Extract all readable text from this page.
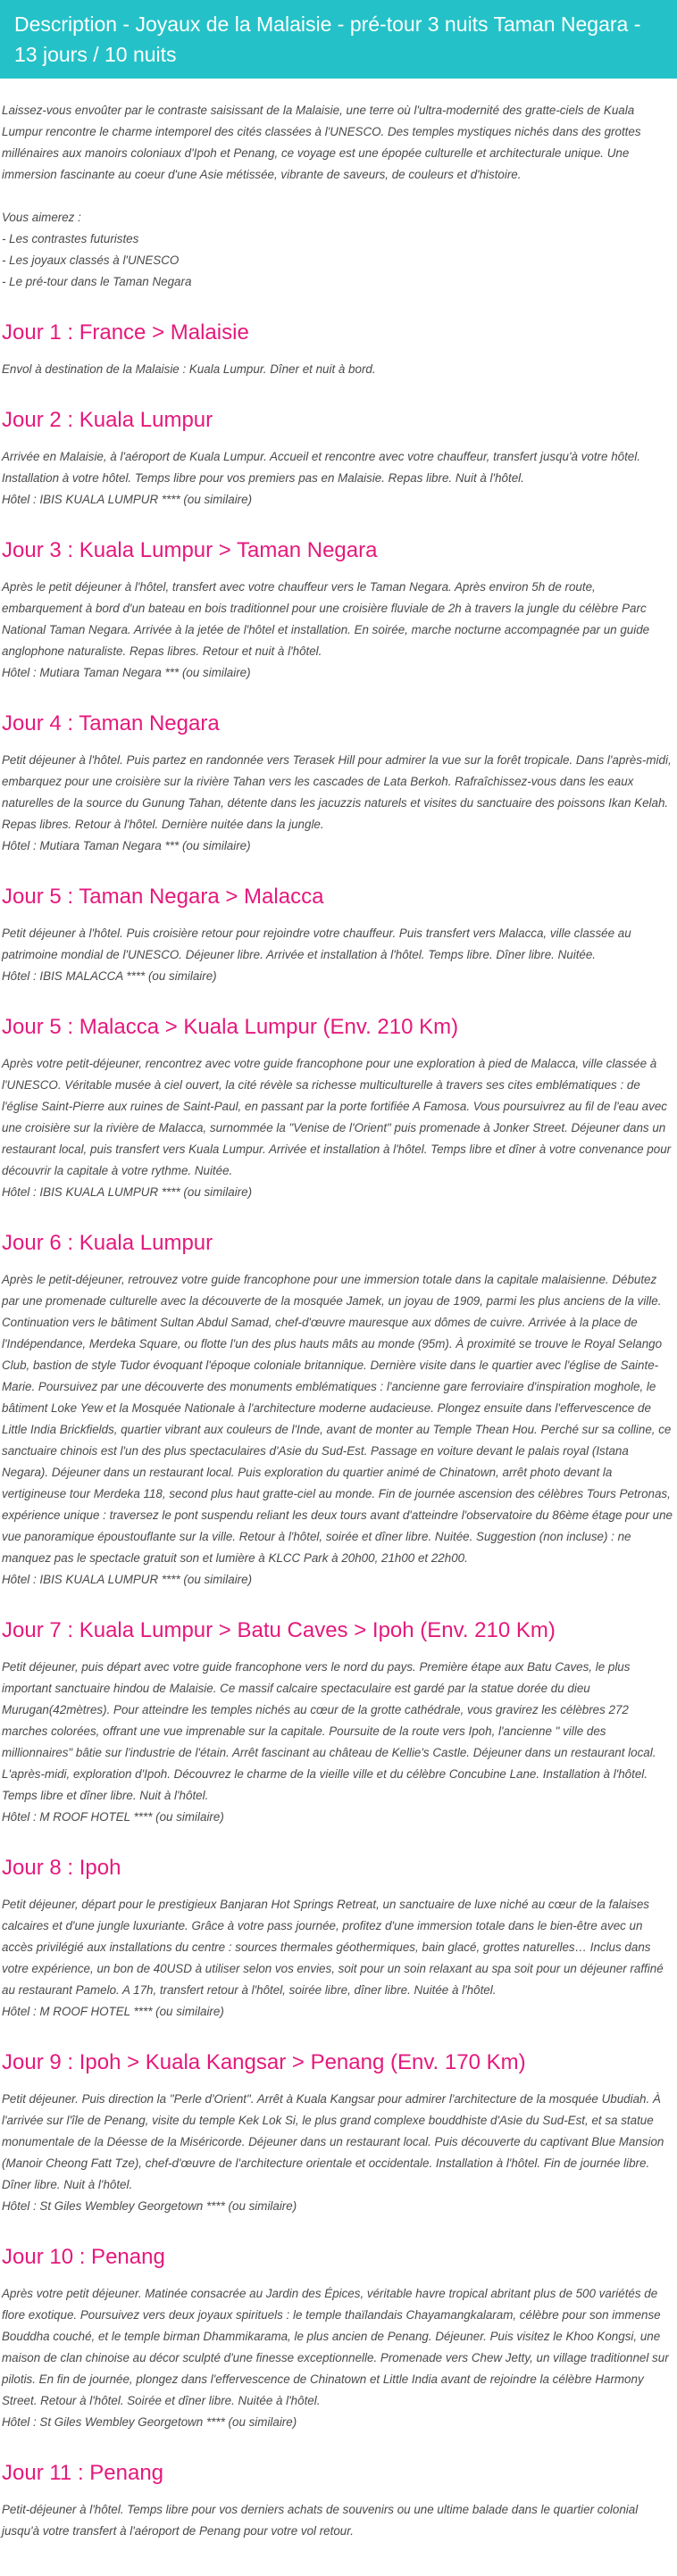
Description - Joyaux de la Malaisie - pré-tour 3 nuits Taman Negara - 13 jours / 10 nuits

Laissez-vous envoûter par le contraste saisissant de la Malaisie, une terre où l'ultra-modernité des gratte-ciels de Kuala Lumpur rencontre le charme intemporel des cités classées à l'UNESCO. Des temples mystiques nichés dans des grottes millénaires aux manoirs coloniaux d'Ipoh et Penang, ce voyage est une épopée culturelle et architecturale unique. Une immersion fascinante au coeur d'une Asie métissée, vibrante de saveurs, de couleurs et d'histoire.

Vous aimerez :
- Les contrastes futuristes
- Les joyaux classés à l'UNESCO
- Le pré-tour dans le Taman Negara
Jour 1 : France > Malaisie

Envol à destination de la Malaisie : Kuala Lumpur. Dîner et nuit à bord.

Jour 2 : Kuala Lumpur

Arrivée en Malaisie, à l'aéroport de Kuala Lumpur. Accueil et rencontre avec votre chauffeur, transfert jusqu'à votre hôtel. Installation à votre hôtel. Temps libre pour vos premiers pas en Malaisie. Repas libre. Nuit à l'hôtel.

Hôtel : IBIS KUALA LUMPUR **** (ou similaire)
Jour 3 : Kuala Lumpur > Taman Negara

Après le petit déjeuner à l'hôtel, transfert avec votre chauffeur vers le Taman Negara. Après environ 5h de route, embarquement à bord d'un bateau en bois traditionnel pour une croisière fluviale de 2h à travers la jungle du célèbre Parc National Taman Negara. Arrivée à la jetée de l'hôtel et installation. En soirée, marche nocturne accompagnée par un guide anglophone naturaliste. Repas libres. Retour et nuit à l'hôtel.

Hôtel : Mutiara Taman Negara *** (ou similaire)
Jour 4 : Taman Negara

Petit déjeuner à l'hôtel. Puis partez en randonnée vers Terasek Hill pour admirer la vue sur la forêt tropicale. Dans l'après-midi, embarquez pour une croisière sur la rivière Tahan vers les cascades de Lata Berkoh. Rafraîchissez-vous dans les eaux naturelles de la source du Gunung Tahan, détente dans les jacuzzis naturels et visites du sanctuaire des poissons Ikan Kelah. Repas libres. Retour à l'hôtel. Dernière nuitée dans la jungle.

Hôtel : Mutiara Taman Negara *** (ou similaire)
Jour 5 : Taman Negara > Malacca

Petit déjeuner à l'hôtel. Puis croisière retour pour rejoindre votre chauffeur. Puis transfert vers Malacca, ville classée au patrimoine mondial de l'UNESCO. Déjeuner libre. Arrivée et installation à l'hôtel. Temps libre. Dîner libre. Nuitée.

Hôtel : IBIS MALACCA **** (ou similaire)
Jour 5 : Malacca > Kuala Lumpur (Env. 210 Km)

Après votre petit-déjeuner, rencontrez avec votre guide francophone pour une exploration à pied de Malacca, ville classée à l'UNESCO. Véritable musée à ciel ouvert, la cité révèle sa richesse multiculturelle à travers ses cites emblématiques : de l'église Saint-Pierre aux ruines de Saint-Paul, en passant par la porte fortifiée A Famosa. Vous poursuivrez au fil de l'eau avec une croisière sur la rivière de Malacca, surnommée la "Venise de l'Orient" puis promenade à Jonker Street. Déjeuner dans un restaurant local, puis transfert vers Kuala Lumpur. Arrivée et installation à l'hôtel. Temps libre et dîner à votre convenance pour découvrir la capitale à votre rythme. Nuitée.

Hôtel : IBIS KUALA LUMPUR **** (ou similaire)
Jour 6 : Kuala Lumpur

Après le petit-déjeuner, retrouvez votre guide francophone pour une immersion totale dans la capitale malaisienne. Débutez par une promenade culturelle avec la découverte de la mosquée Jamek, un joyau de 1909, parmi les plus anciens de la ville. Continuation vers le bâtiment Sultan Abdul Samad, chef-d'œuvre mauresque aux dômes de cuivre. Arrivée à la place de l'Indépendance, Merdeka Square, ou flotte l'un des plus hauts mâts au monde (95m). À proximité se trouve le Royal Selango Club, bastion de style Tudor évoquant l'époque coloniale britannique. Dernière visite dans le quartier avec l'église de Sainte-Marie. Poursuivez par une découverte des monuments emblématiques : l'ancienne gare ferroviaire d'inspiration moghole, le bâtiment Loke Yew et la Mosquée Nationale à l'architecture moderne audacieuse. Plongez ensuite dans l'effervescence de Little India Brickfields, quartier vibrant aux couleurs de l'Inde, avant de monter au Temple Thean Hou. Perché sur sa colline, ce sanctuaire chinois est l'un des plus spectaculaires d'Asie du Sud-Est. Passage en voiture devant le palais royal (Istana Negara). Déjeuner dans un restaurant local. Puis exploration du quartier animé de Chinatown, arrêt photo devant la vertigineuse tour Merdeka 118, second plus haut gratte-ciel au monde. Fin de journée ascension des célèbres Tours Petronas, expérience unique : traversez le pont suspendu reliant les deux tours avant d'atteindre l'observatoire du 86ème étage pour une vue panoramique époustouflante sur la ville. Retour à l'hôtel, soirée et dîner libre. Nuitée. Suggestion (non incluse) : ne manquez pas le spectacle gratuit son et lumière à KLCC Park à 20h00, 21h00 et 22h00.

Hôtel : IBIS KUALA LUMPUR **** (ou similaire)
Jour 7 : Kuala Lumpur > Batu Caves > Ipoh (Env. 210 Km)

Petit déjeuner, puis départ avec votre guide francophone vers le nord du pays. Première étape aux Batu Caves, le plus important sanctuaire hindou de Malaisie. Ce massif calcaire spectaculaire est gardé par la statue dorée du dieu Murugan(42mètres). Pour atteindre les temples nichés au cœur de la grotte cathédrale, vous gravirez les célèbres 272 marches colorées, offrant une vue imprenable sur la capitale. Poursuite de la route vers Ipoh, l'ancienne " ville des millionnaires" bâtie sur l'industrie de l'étain. Arrêt fascinant au château de Kellie's Castle. Déjeuner dans un restaurant local. L'après-midi, exploration d'Ipoh. Découvrez le charme de la vieille ville et du célèbre Concubine Lane. Installation à l'hôtel. Temps libre et dîner libre. Nuit à l'hôtel.

Hôtel : M ROOF HOTEL **** (ou similaire)
Jour 8 : Ipoh

Petit déjeuner, départ pour le prestigieux Banjaran Hot Springs Retreat, un sanctuaire de luxe niché au cœur de la falaises calcaires et d'une jungle luxuriante. Grâce à votre pass journée, profitez d'une immersion totale dans le bien-être avec un accès privilégié aux installations du centre : sources thermales géothermiques, bain glacé, grottes naturelles… Inclus dans votre expérience, un bon de 40USD à utiliser selon vos envies, soit pour un soin relaxant au spa soit pour un déjeuner raffiné au restaurant Pamelo. A 17h, transfert retour à l'hôtel, soirée libre, dîner libre. Nuitée à l'hôtel.

Hôtel : M ROOF HOTEL **** (ou similaire)
Jour 9 : Ipoh > Kuala Kangsar > Penang (Env. 170 Km)

Petit déjeuner. Puis direction la "Perle d'Orient". Arrêt à Kuala Kangsar pour admirer l'architecture de la mosquée Ubudiah. À l'arrivée sur l'île de Penang, visite du temple Kek Lok Si, le plus grand complexe bouddhiste d'Asie du Sud-Est, et sa statue monumentale de la Déesse de la Miséricorde. Déjeuner dans un restaurant local. Puis découverte du captivant Blue Mansion (Manoir Cheong Fatt Tze), chef-d'œuvre de l'architecture orientale et occidentale. Installation à l'hôtel. Fin de journée libre. Dîner libre. Nuit à l'hôtel.

Hôtel : St Giles Wembley Georgetown **** (ou similaire)
Jour 10 : Penang

Après votre petit déjeuner. Matinée consacrée au Jardin des Épices, véritable havre tropical abritant plus de 500 variétés de flore exotique. Poursuivez vers deux joyaux spirituels : le temple thaïlandais Chayamangkalaram, célèbre pour son immense Bouddha couché, et le temple birman Dhammikarama, le plus ancien de Penang. Déjeuner. Puis visitez le Khoo Kongsi, une maison de clan chinoise au décor sculpté d'une finesse exceptionnelle. Promenade vers Chew Jetty, un village traditionnel sur pilotis. En fin de journée, plongez dans l'effervescence de Chinatown et Little India avant de rejoindre la célèbre Harmony Street. Retour à l'hôtel. Soirée et dîner libre. Nuitée à l'hôtel.

Hôtel : St Giles Wembley Georgetown **** (ou similaire)
Jour 11 : Penang

Petit-déjeuner à l'hôtel. Temps libre pour vos derniers achats de souvenirs ou une ultime balade dans le quartier colonial jusqu'à votre transfert à l'aéroport de Penang pour votre vol retour.
